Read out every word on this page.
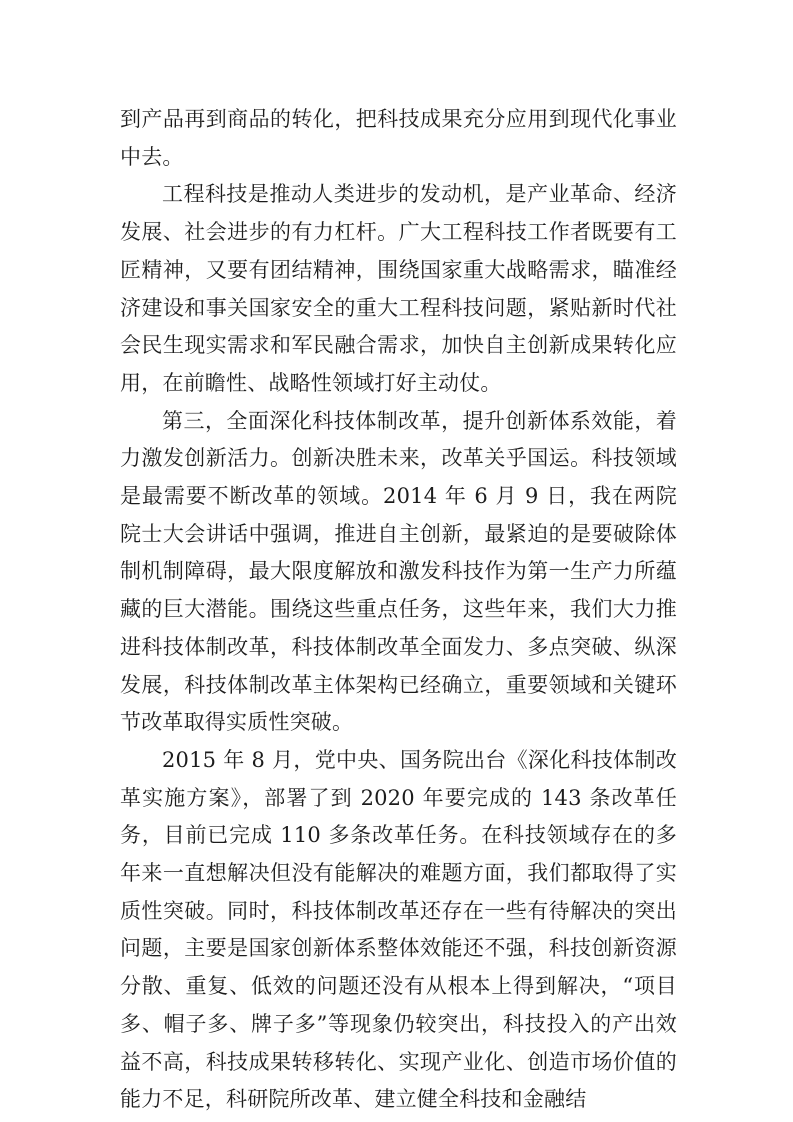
到产品再到商品的转化，把科技成果充分应用到现代化事业中去。

工程科技是推动人类进步的发动机，是产业革命、经济发展、社会进步的有力杠杆。广大工程科技工作者既要有工匠精神，又要有团结精神，围绕国家重大战略需求，瞄准经济建设和事关国家安全的重大工程科技问题，紧贴新时代社会民生现实需求和军民融合需求，加快自主创新成果转化应用，在前瞻性、战略性领域打好主动仗。

第三，全面深化科技体制改革，提升创新体系效能，着力激发创新活力。创新决胜未来，改革关乎国运。科技领域是最需要不断改革的领域。2014 年 6 月 9 日，我在两院院士大会讲话中强调，推进自主创新，最紧迫的是要破除体制机制障碍，最大限度解放和激发科技作为第一生产力所蕴藏的巨大潜能。围绕这些重点任务，这些年来，我们大力推进科技体制改革，科技体制改革全面发力、多点突破、纵深发展，科技体制改革主体架构已经确立，重要领域和关键环节改革取得实质性突破。

2015 年 8 月，党中央、国务院出台《深化科技体制改革实施方案》，部署了到 2020 年要完成的 143 条改革任务，目前已完成 110 多条改革任务。在科技领域存在的多年来一直想解决但没有能解决的难题方面，我们都取得了实质性突破。同时，科技体制改革还存在一些有待解决的突出问题，主要是国家创新体系整体效能还不强，科技创新资源分散、重复、低效的问题还没有从根本上得到解决，“项目多、帽子多、牌子多”等现象仍较突出，科技投入的产出效益不高，科技成果转移转化、实现产业化、创造市场价值的能力不足，科研院所改革、建立健全科技和金融结
